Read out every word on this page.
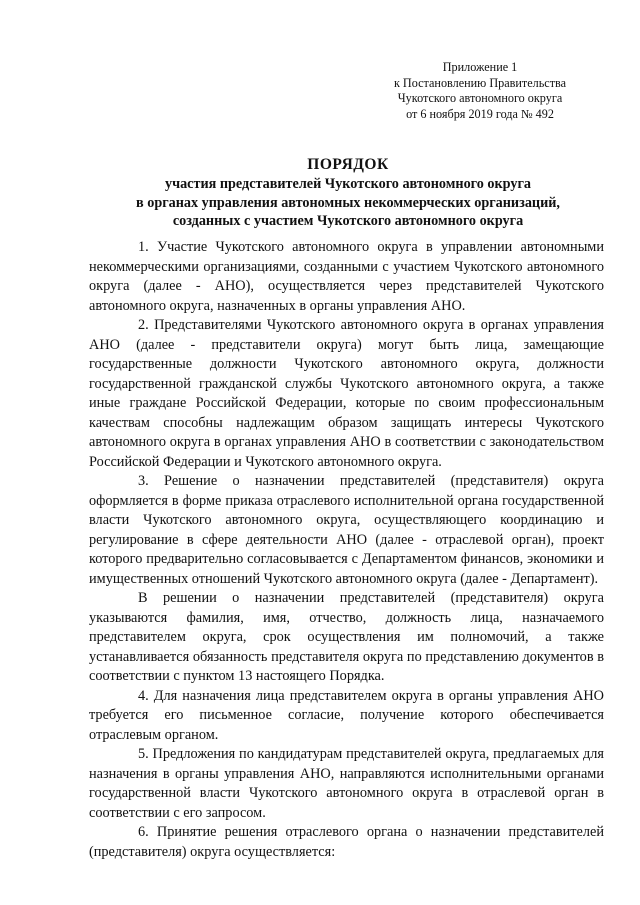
Приложение 1
к Постановлению Правительства
Чукотского автономного округа
от 6 ноября 2019 года № 492
ПОРЯДОК
участия представителей Чукотского автономного округа
в органах управления автономных некоммерческих организаций,
созданных с участием Чукотского автономного округа

1. Участие Чукотского автономного округа в управлении автономными некоммерческими организациями, созданными с участием Чукотского автономного округа (далее - АНО), осуществляется через представителей Чукотского автономного округа, назначенных в органы управления АНО.

2. Представителями Чукотского автономного округа в органах управления АНО (далее - представители округа) могут быть лица, замещающие государственные должности Чукотского автономного округа, должности государственной гражданской службы Чукотского автономного округа, а также иные граждане Российской Федерации, которые по своим профессиональным качествам способны надлежащим образом защищать интересы Чукотского автономного округа в органах управления АНО в соответствии с законодательством Российской Федерации и Чукотского автономного округа.

3. Решение о назначении представителей (представителя) округа оформляется в форме приказа отраслевого исполнительной органа государственной власти Чукотского автономного округа, осуществляющего координацию и регулирование в сфере деятельности АНО (далее - отраслевой орган), проект которого предварительно согласовывается с Департаментом финансов, экономики и имущественных отношений Чукотского автономного округа (далее - Департамент).

В решении о назначении представителей (представителя) округа указываются фамилия, имя, отчество, должность лица, назначаемого представителем округа, срок осуществления им полномочий, а также устанавливается обязанность представителя округа по представлению документов в соответствии с пунктом 13 настоящего Порядка.

4. Для назначения лица представителем округа в органы управления АНО требуется его письменное согласие, получение которого обеспечивается отраслевым органом.

5. Предложения по кандидатурам представителей округа, предлагаемых для назначения в органы управления АНО, направляются исполнительными органами государственной власти Чукотского автономного округа в отраслевой орган в соответствии с его запросом.

6. Принятие решения отраслевого органа о назначении представителей (представителя) округа осуществляется:
